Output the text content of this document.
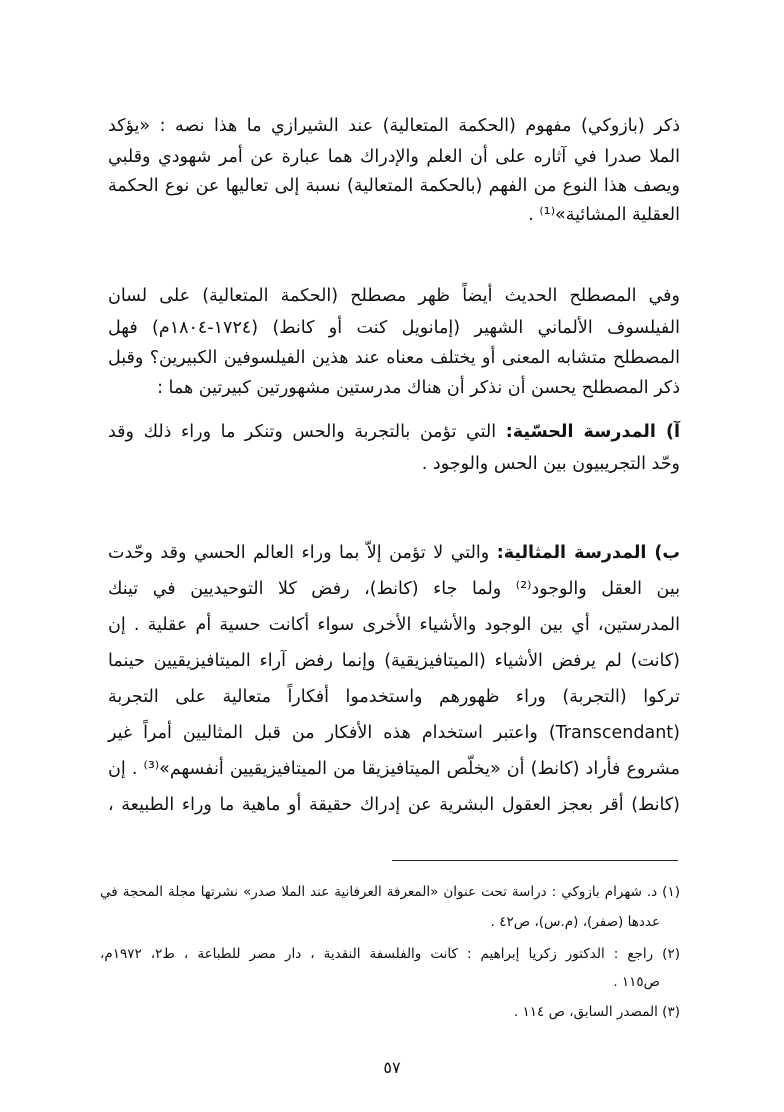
ذكر (بازوكي) مفهوم (الحكمة المتعالية) عند الشيرازي ما هذا نصه : «يؤكد
الملا صدرا في آثاره على أن العلم والإدراك هما عبارة عن أمر شهودي وقلبي
ويصف هذا النوع من الفهم (بالحكمة المتعالية) نسبة إلى تعاليها عن نوع الحكمة
العقلية المشائية»⁽¹⁾ .
وفي المصطلح الحديث أيضاً ظهر مصطلح (الحكمة المتعالية) على لسان
الفيلسوف الألماني الشهير (إمانويل كنت أو كانط) (١٧٢٤-١٨٠٤م) فهل
المصطلح متشابه المعنى أو يختلف معناه عند هذين الفيلسوفين الكبيرين؟ وقبل
ذكر المصطلح يحسن أن نذكر أن هناك مدرستين مشهورتين كبيرتين هما :
آ) المدرسة الحسّية: التي تؤمن بالتجربة والحس وتنكر ما وراء ذلك وقد
وحّد التجريبيون بين الحس والوجود .
ب) المدرسة المثالية: والتي لا تؤمن إلاّ بما وراء العالم الحسي وقد وحّدت
بين العقل والوجود⁽²⁾ ولما جاء (كانط)، رفض كلا التوحيديين في تينك
المدرستين، أي بين الوجود والأشياء الأخرى سواء أكانت حسية أم عقلية . إن
(كانت) لم يرفض الأشياء (الميتافيزيقية) وإنما رفض آراء الميتافيزيقيين حينما
تركوا (التجربة) وراء ظهورهم واستخدموا أفكاراً متعالية على التجربة
(Transcendant) واعتبر استخدام هذه الأفكار من قبل المثاليين أمراً غير
مشروع فأراد (كانط) أن «يخلّص الميتافيزيقا من الميتافيزيقيين أنفسهم»⁽³⁾ . إن
(كانط) أقر بعجز العقول البشرية عن إدراك حقيقة أو ماهية ما وراء الطبيعة ،
(١) د. شهرام بازوكي : دراسة تحت عنوان «المعرفة العرفانية عند الملا صدر» نشرتها مجلة المحجة في
عددها (صفر)، (م.س)، ص٤٢ .
(٢) راجع : الدكتور زكريا إبراهيم : كانت والفلسفة النقدية ، دار مصر للطباعة ، ط٢، ١٩٧٢م،
ص١١٥ .
(٣) المصدر السابق، ص ١١٤ .
٥٧
